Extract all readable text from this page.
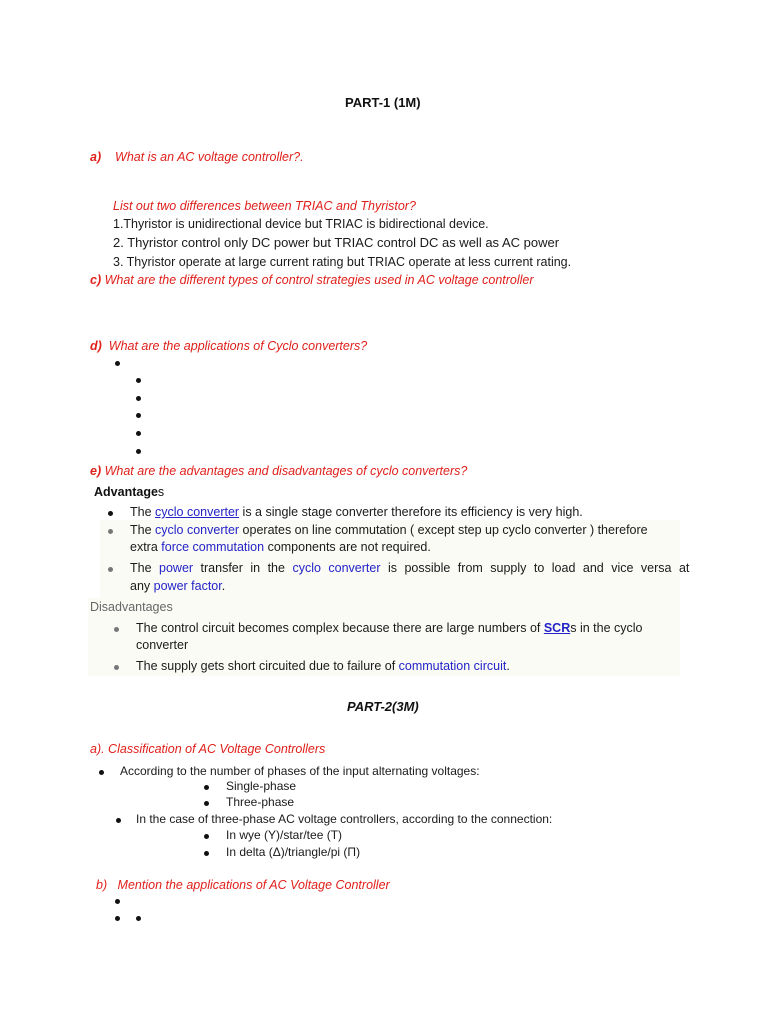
PART-1 (1M)
a) What is an AC voltage controller?.
List out two differences between TRIAC and Thyristor?
1.Thyristor is unidirectional device but TRIAC is bidirectional device.
2. Thyristor control only DC power but TRIAC control DC as well as AC power
3. Thyristor operate at large current rating but TRIAC operate at less current rating.
c) What are the different types of control strategies used in AC voltage controller
d) What are the applications of Cyclo converters?
e) What are the advantages and disadvantages of cyclo converters?
Advantages
The cyclo converter is a single stage converter therefore its efficiency is very high.
The cyclo converter operates on line commutation ( except step up cyclo converter ) therefore
extra force commutation components are not required.
The power transfer in the cyclo converter is possible from supply to load and vice versa at
any power factor.
Disadvantages
The control circuit becomes complex because there are large numbers of SCRs in the cyclo
converter
The supply gets short circuited due to failure of commutation circuit.
PART-2(3M)
a). Classification of AC Voltage Controllers
According to the number of phases of the input alternating voltages:
Single-phase
Three-phase
In the case of three-phase AC voltage controllers, according to the connection:
In wye (Y)/star/tee (T)
In delta (Δ)/triangle/pi (Π)
b) Mention the applications of AC Voltage Controller
